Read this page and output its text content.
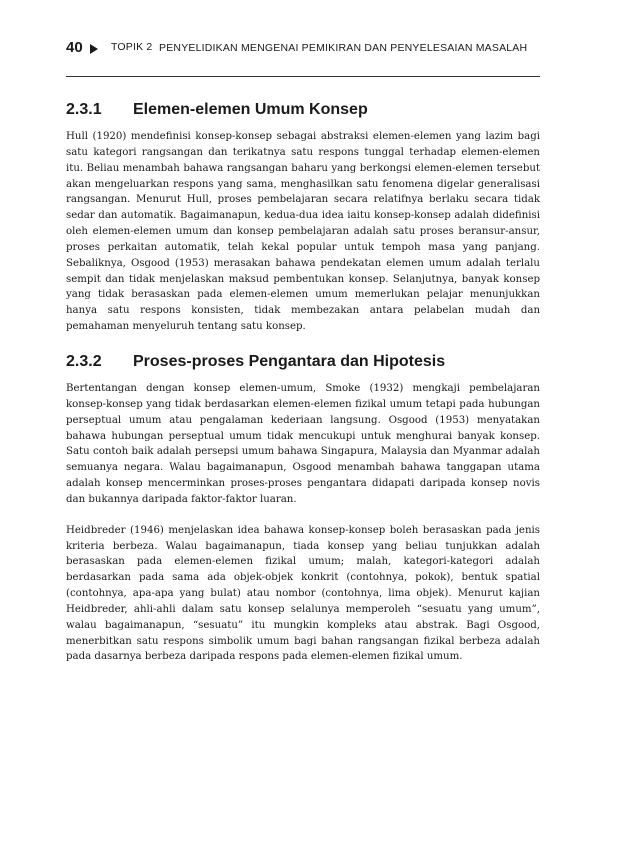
40	TOPIK 2 PENYELIDIKAN MENGENAI PEMIKIRAN DAN PENYELESAIAN MASALAH
2.3.1	Elemen-elemen Umum Konsep

Hull (1920) mendefinisi konsep-konsep sebagai abstraksi elemen-elemen yang lazim bagi satu kategori rangsangan dan terikatnya satu respons tunggal terhadap elemen-elemen itu. Beliau menambah bahawa rangsangan baharu yang berkongsi elemen-elemen tersebut akan mengeluarkan respons yang sama, menghasilkan satu fenomena digelar generalisasi rangsangan. Menurut Hull, proses pembelajaran secara relatifnya berlaku secara tidak sedar dan automatik. Bagaimanapun, kedua-dua idea iaitu konsep-konsep adalah didefinisi oleh elemen-elemen umum dan konsep pembelajaran adalah satu proses beransur-ansur, proses perkaitan automatik, telah kekal popular untuk tempoh masa yang panjang. Sebaliknya, Osgood (1953) merasakan bahawa pendekatan elemen umum adalah terlalu sempit dan tidak menjelaskan maksud pembentukan konsep. Selanjutnya, banyak konsep yang tidak berasaskan pada elemen-elemen umum memerlukan pelajar menunjukkan hanya satu respons konsisten, tidak membezakan antara pelabelan mudah dan pemahaman menyeluruh tentang satu konsep.

2.3.2	Proses-proses Pengantara dan Hipotesis

Bertentangan dengan konsep elemen-umum, Smoke (1932) mengkaji pembelajaran konsep-konsep yang tidak berdasarkan elemen-elemen fizikal umum tetapi pada hubungan perseptual umum atau pengalaman kederiaan langsung. Osgood (1953) menyatakan bahawa hubungan perseptual umum tidak mencukupi untuk menghurai banyak konsep. Satu contoh baik adalah persepsi umum bahawa Singapura, Malaysia dan Myanmar adalah semuanya negara. Walau bagaimanapun, Osgood menambah bahawa tanggapan utama adalah konsep mencerminkan proses-proses pengantara didapati daripada konsep novis dan bukannya daripada faktor-faktor luaran.

Heidbreder (1946) menjelaskan idea bahawa konsep-konsep boleh berasaskan pada jenis kriteria berbeza. Walau bagaimanapun, tiada konsep yang beliau tunjukkan adalah berasaskan pada elemen-elemen fizikal umum; malah, kategori-kategori adalah berdasarkan pada sama ada objek-objek konkrit (contohnya, pokok), bentuk spatial (contohnya, apa-apa yang bulat) atau nombor (contohnya, lima objek). Menurut kajian Heidbreder, ahli-ahli dalam satu konsep selalunya memperoleh “sesuatu yang umum”, walau bagaimanapun, “sesuatu” itu mungkin kompleks atau abstrak. Bagi Osgood, menerbitkan satu respons simbolik umum bagi bahan rangsangan fizikal berbeza adalah pada dasarnya berbeza daripada respons pada elemen-elemen fizikal umum.
